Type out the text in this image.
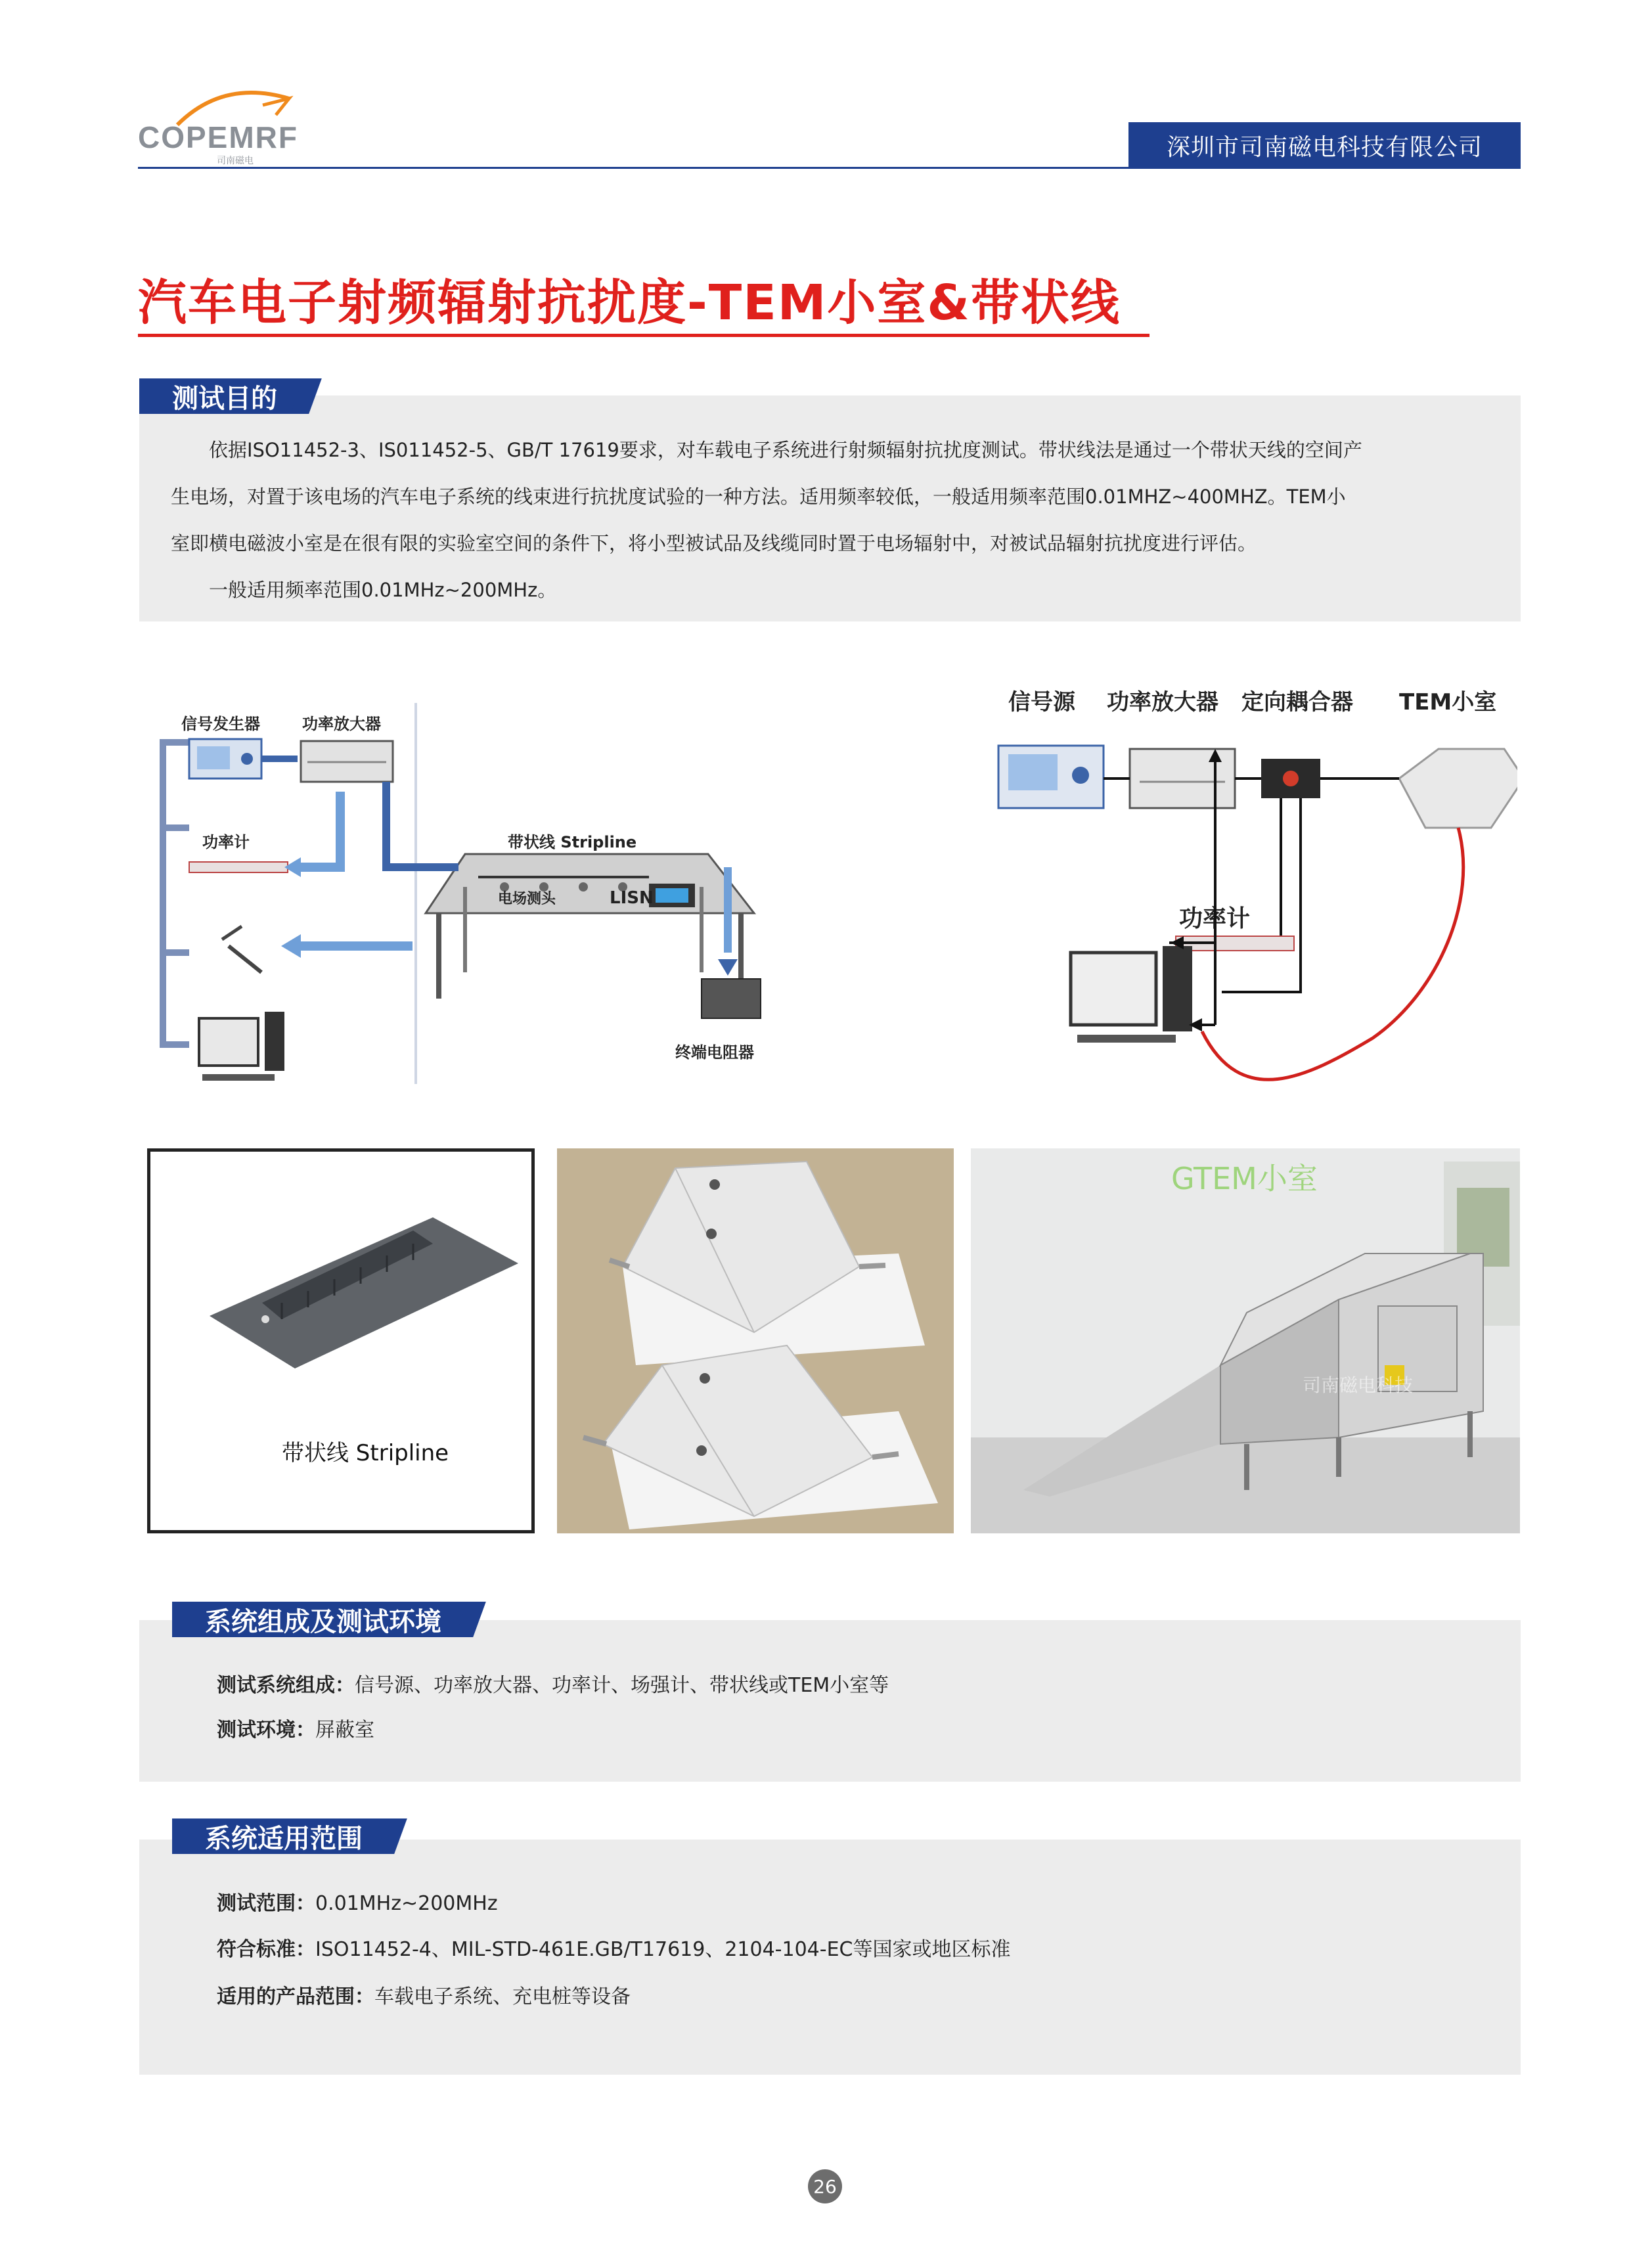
COPEMRF
司南磁电
深圳市司南磁电科技有限公司
汽车电子射频辐射抗扰度-TEM小室&带状线
测试目的

依据ISO11452-3、IS011452-5、GB/T 17619要求，对车载电子系统进行射频辐射抗扰度测试。带状线法是通过一个带状天线的空间产

生电场，对置于该电场的汽车电子系统的线束进行抗扰度试验的一种方法。适用频率较低，一般适用频率范围0.01MHZ~400MHZ。TEM小

室即横电磁波小室是在很有限的实验室空间的条件下，将小型被试品及线缆同时置于电场辐射中，对被试品辐射抗扰度进行评估。

一般适用频率范围0.01MHz~200MHz。

信号发生器	功率放大器
功率计	带状线 Stripline
电场测头	LISN
终端电阻器
信号源 功率放大器 定向耦合器 TEM小室
功率计
带状线 Stripline
GTEM小室
司南磁电科技
系统组成及测试环境
测试系统组成：信号源、功率放大器、功率计、场强计、带状线或TEM小室等
测试环境：屏蔽室
系统适用范围
测试范围：0.01MHz~200MHz
符合标准：ISO11452-4、MIL-STD-461E.GB/T17619、2104-104-EC等国家或地区标准
适用的产品范围：车载电子系统、充电桩等设备
26
